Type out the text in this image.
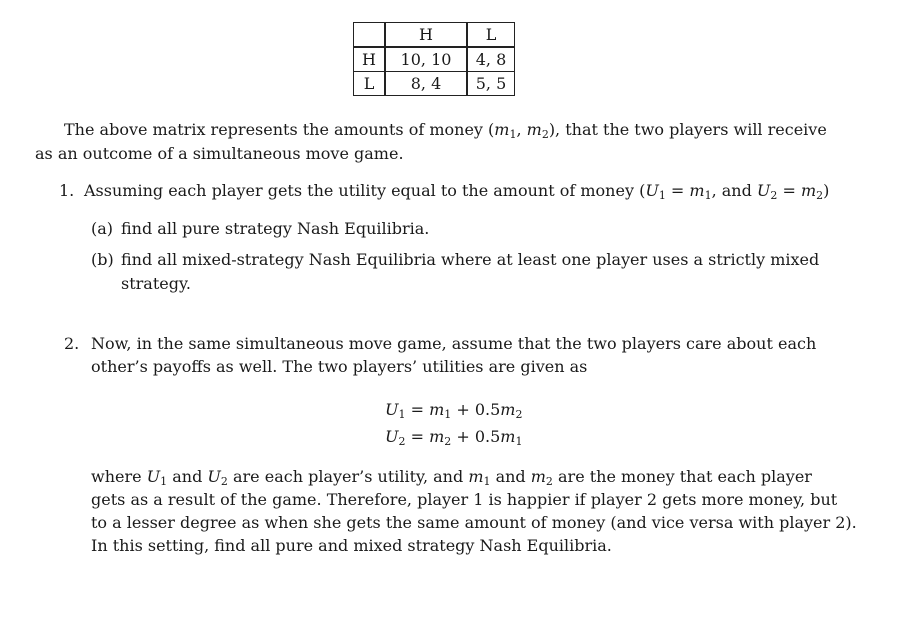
	H	L
H	10, 10	4, 8
L	8, 4	5, 5
The above matrix represents the amounts of money ($m_1$, $m_2$), that the two players will receive
as an outcome of a simultaneous move game.
1. Assuming each player gets the utility equal to the amount of money ($U_1 = m_1$, and $U_2 = m_2$)
(a) find all pure strategy Nash Equilibria.
(b) find all mixed-strategy Nash Equilibria where at least one player uses a strictly mixed
strategy.
2. Now, in the same simultaneous move game, assume that the two players care about each
other’s payoffs as well. The two players’ utilities are given as
$U_1 = m_1 + 0.5m_2$
$U_2 = m_2 + 0.5m_1$
where $U_1$ and $U_2$ are each player’s utility, and $m_1$ and $m_2$ are the money that each player
gets as a result of the game. Therefore, player 1 is happier if player 2 gets more money, but
to a lesser degree as when she gets the same amount of money (and vice versa with player 2).
In this setting, find all pure and mixed strategy Nash Equilibria.
